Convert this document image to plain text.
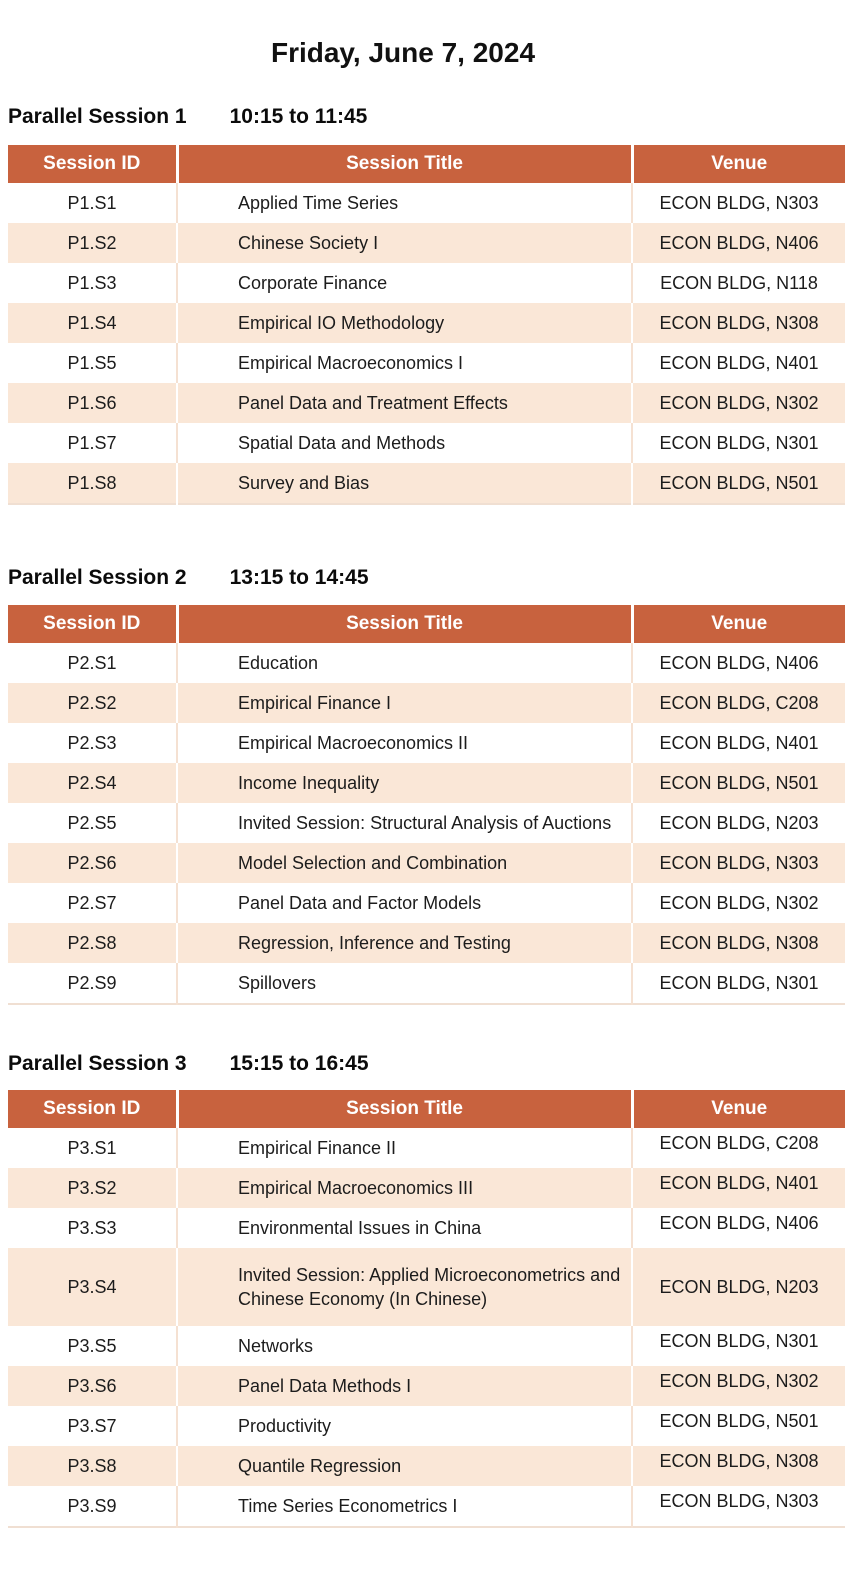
Friday, June 7, 2024
Parallel Session 1 10:15 to 11:45
Session ID	Session Title	Venue
P1.S1	Applied Time Series	ECON BLDG, N303
P1.S2	Chinese Society I	ECON BLDG, N406
P1.S3	Corporate Finance	ECON BLDG, N118
P1.S4	Empirical IO Methodology	ECON BLDG, N308
P1.S5	Empirical Macroeconomics I	ECON BLDG, N401
P1.S6	Panel Data and Treatment Effects	ECON BLDG, N302
P1.S7	Spatial Data and Methods	ECON BLDG, N301
P1.S8	Survey and Bias	ECON BLDG, N501
Parallel Session 2 13:15 to 14:45
Session ID	Session Title	Venue
P2.S1	Education	ECON BLDG, N406
P2.S2	Empirical Finance I	ECON BLDG, C208
P2.S3	Empirical Macroeconomics II	ECON BLDG, N401
P2.S4	Income Inequality	ECON BLDG, N501
P2.S5	Invited Session: Structural Analysis of Auctions	ECON BLDG, N203
P2.S6	Model Selection and Combination	ECON BLDG, N303
P2.S7	Panel Data and Factor Models	ECON BLDG, N302
P2.S8	Regression, Inference and Testing	ECON BLDG, N308
P2.S9	Spillovers	ECON BLDG, N301
Parallel Session 3 15:15 to 16:45
Session ID	Session Title	Venue
P3.S1	Empirical Finance II	ECON BLDG, C208
P3.S2	Empirical Macroeconomics III	ECON BLDG, N401
P3.S3	Environmental Issues in China	ECON BLDG, N406
P3.S4	Invited Session: Applied Microeconometrics and Chinese Economy (In Chinese)	ECON BLDG, N203
P3.S5	Networks	ECON BLDG, N301
P3.S6	Panel Data Methods I	ECON BLDG, N302
P3.S7	Productivity	ECON BLDG, N501
P3.S8	Quantile Regression	ECON BLDG, N308
P3.S9	Time Series Econometrics I	ECON BLDG, N303
